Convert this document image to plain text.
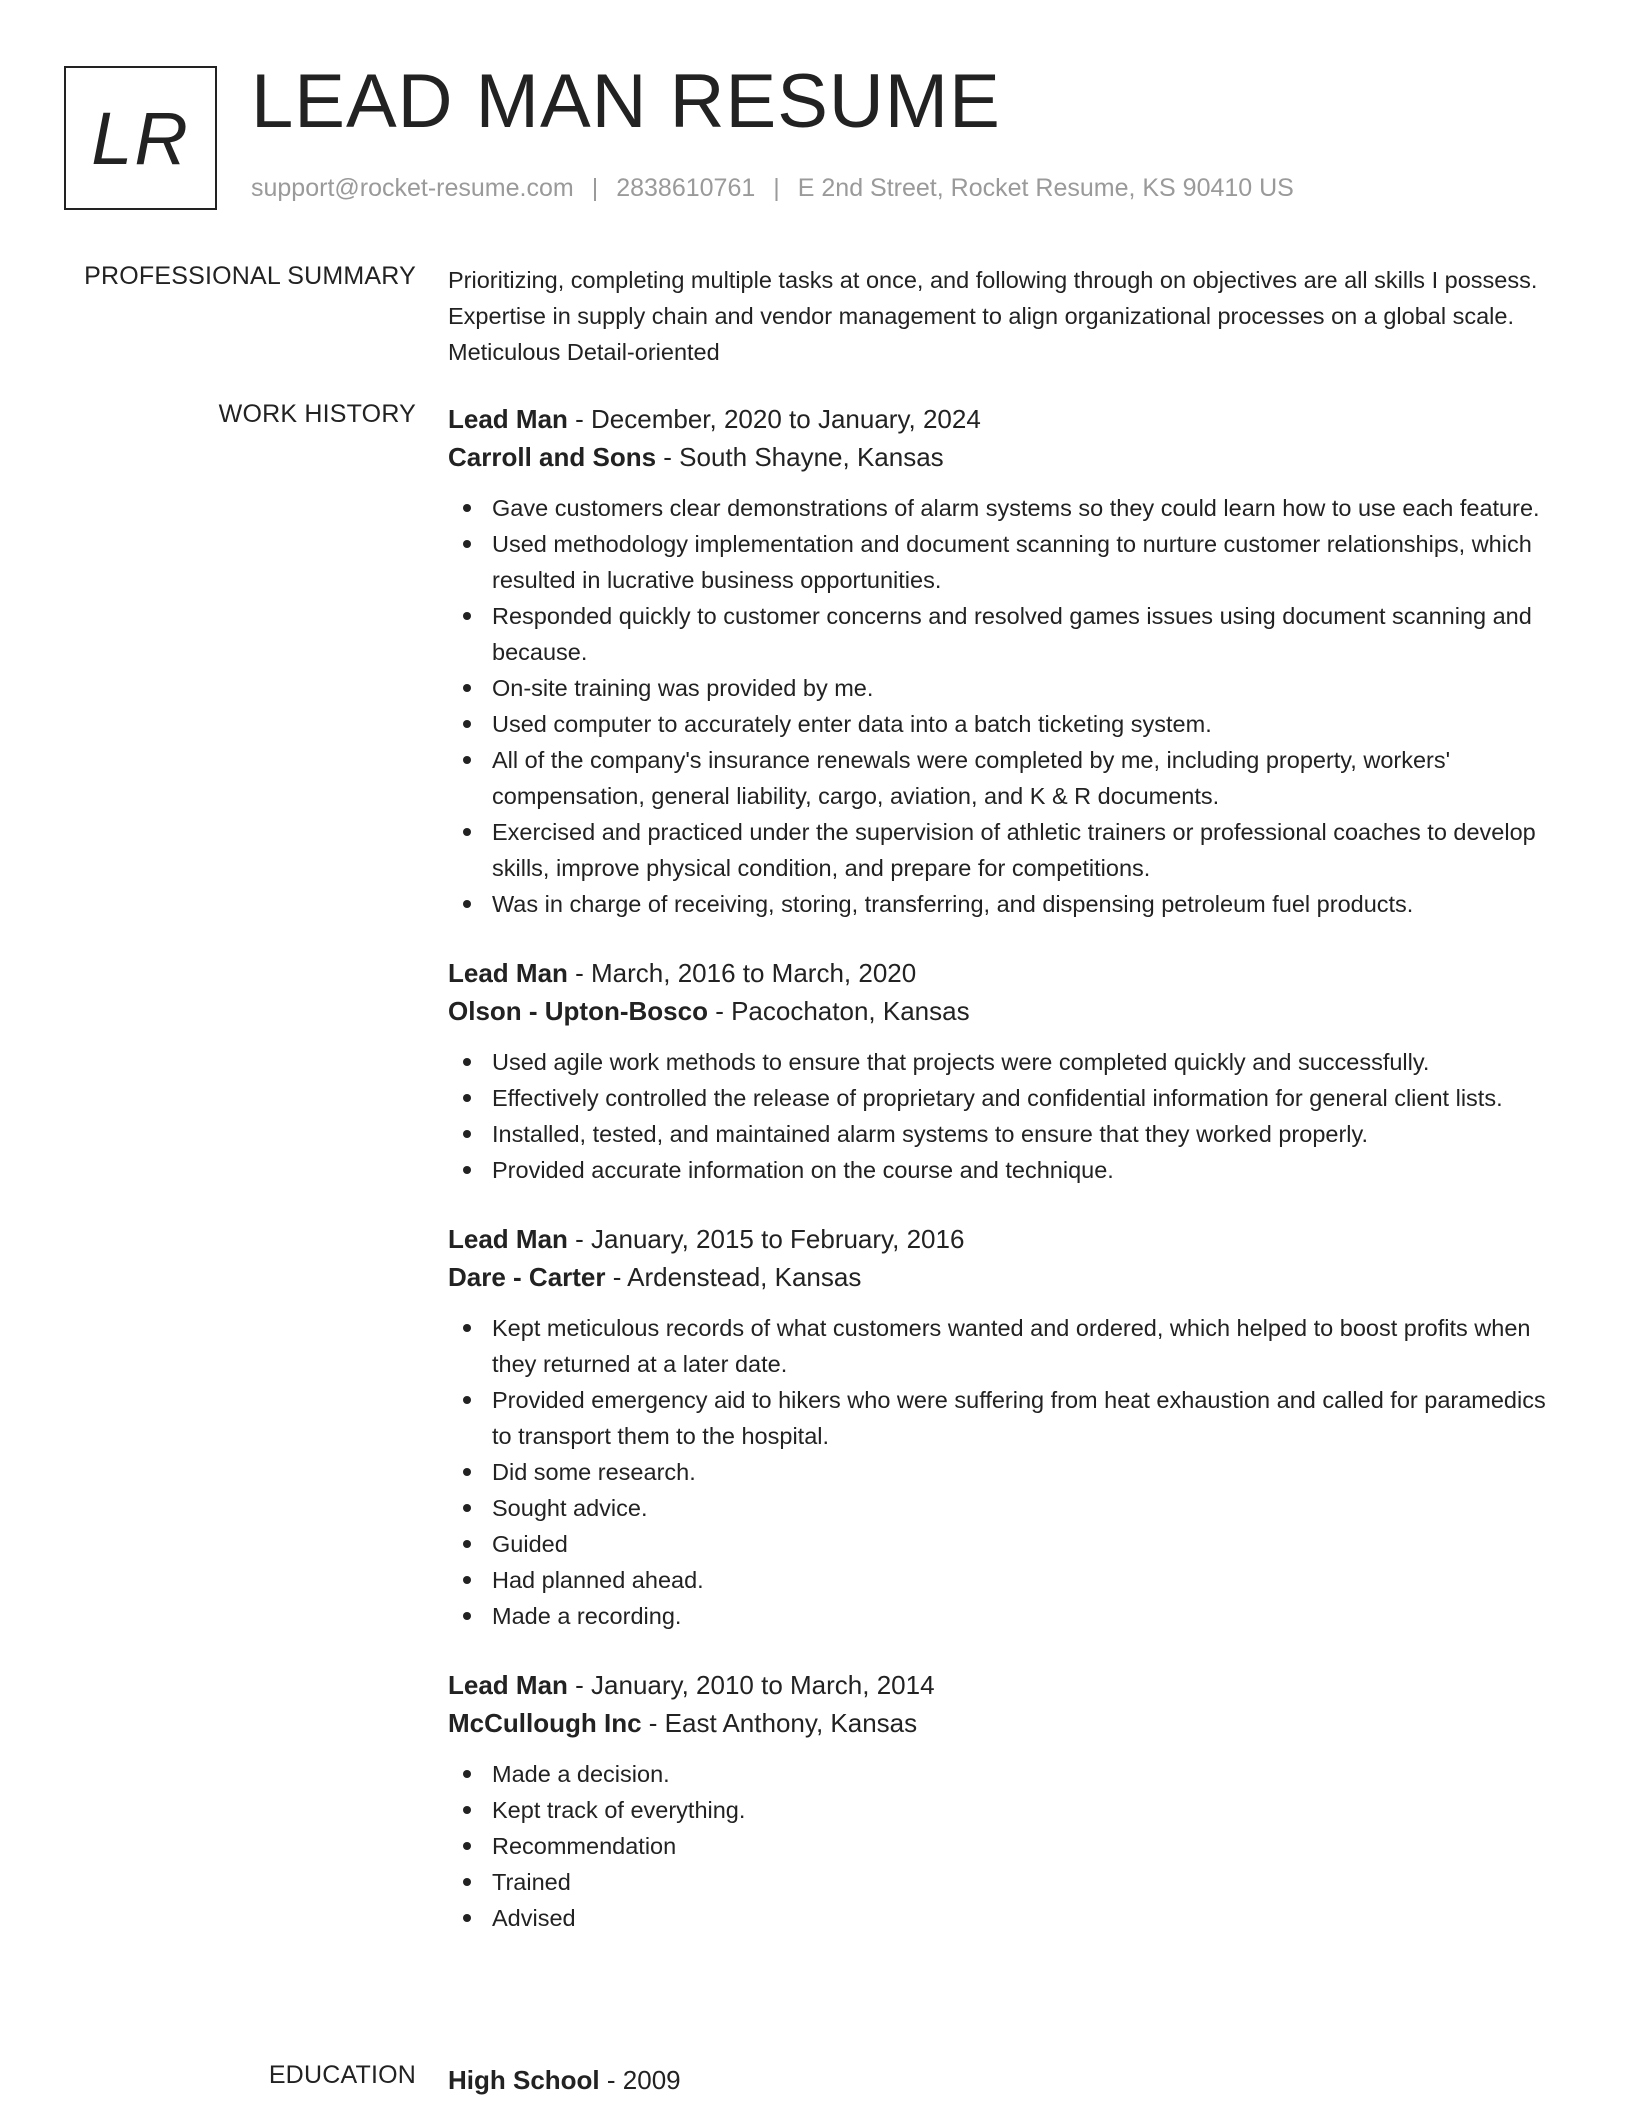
LR LEAD MAN RESUME
support@rocket-resume.com | 2838610761 | E 2nd Street, Rocket Resume, KS 90410 US
PROFESSIONAL SUMMARY Prioritizing, completing multiple tasks at once, and following through on objectives are all skills I possess. Expertise in supply chain and vendor management to align organizational processes on a global scale. Meticulous Detail-oriented

WORK HISTORY Lead Man - December, 2020 to January, 2024
Carroll and Sons - South Shayne, Kansas
Gave customers clear demonstrations of alarm systems so they could learn how to use each feature.
Used methodology implementation and document scanning to nurture customer relationships, which resulted in lucrative business opportunities.
Responded quickly to customer concerns and resolved games issues using document scanning and because.
On-site training was provided by me.
Used computer to accurately enter data into a batch ticketing system.
All of the company's insurance renewals were completed by me, including property, workers' compensation, general liability, cargo, aviation, and K & R documents.
Exercised and practiced under the supervision of athletic trainers or professional coaches to develop skills, improve physical condition, and prepare for competitions.
Was in charge of receiving, storing, transferring, and dispensing petroleum fuel products.
Lead Man - March, 2016 to March, 2020
Olson - Upton-Bosco - Pacochaton, Kansas
Used agile work methods to ensure that projects were completed quickly and successfully.
Effectively controlled the release of proprietary and confidential information for general client lists.
Installed, tested, and maintained alarm systems to ensure that they worked properly.
Provided accurate information on the course and technique.
Lead Man - January, 2015 to February, 2016
Dare - Carter - Ardenstead, Kansas
Kept meticulous records of what customers wanted and ordered, which helped to boost profits when they returned at a later date.
Provided emergency aid to hikers who were suffering from heat exhaustion and called for paramedics to transport them to the hospital.
Did some research.
Sought advice.
Guided
Had planned ahead.
Made a recording.
Lead Man - January, 2010 to March, 2014
McCullough Inc - East Anthony, Kansas
Made a decision.
Kept track of everything.
Recommendation
Trained
Advised
EDUCATION High School - 2009
